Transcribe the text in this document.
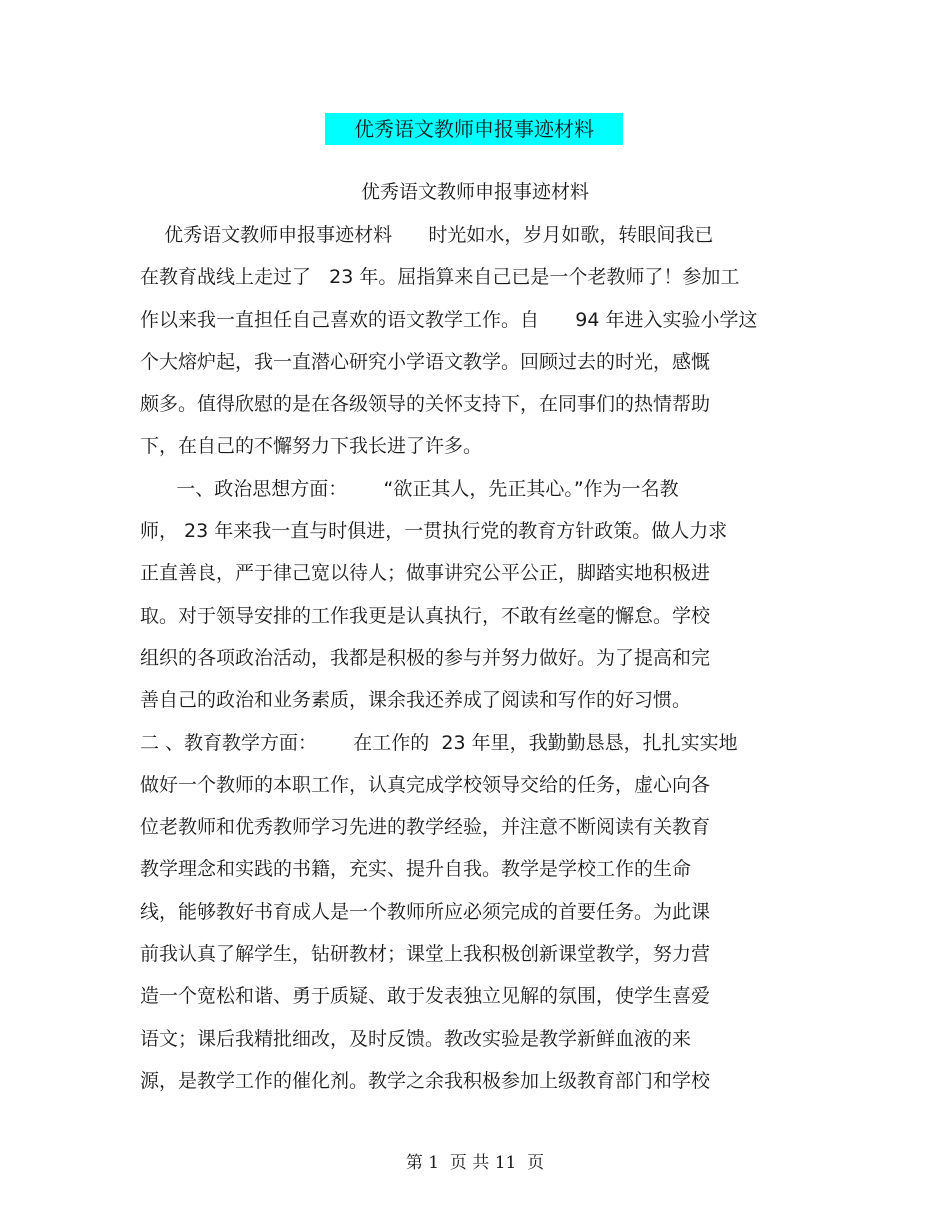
优秀语文教师申报事迹材料
优秀语文教师申报事迹材料
优秀语文教师申报事迹材料      时光如水，岁月如歌，转眼间我已
在教育战线上走过了   23 年。屈指算来自己已是一个老教师了！参加工
作以来我一直担任自己喜欢的语文教学工作。自      94 年进入实验小学这
个大熔炉起，我一直潜心研究小学语文教学。回顾过去的时光，感慨
颇多。值得欣慰的是在各级领导的关怀支持下，在同事们的热情帮助
下，在自己的不懈努力下我长进了许多。
一、政治思想方面：      “欲正其人，先正其心。”作为一名教
师， 23 年来我一直与时俱进，一贯执行党的教育方针政策。做人力求
正直善良，严于律己宽以待人；做事讲究公平公正，脚踏实地积极进
取。对于领导安排的工作我更是认真执行，不敢有丝毫的懈怠。学校
组织的各项政治活动，我都是积极的参与并努力做好。为了提高和完
善自己的政治和业务素质，课余我还养成了阅读和写作的好习惯。
二 、教育教学方面：      在工作的  23 年里，我勤勤恳恳，扎扎实实地
做好一个教师的本职工作，认真完成学校领导交给的任务，虚心向各
位老教师和优秀教师学习先进的教学经验，并注意不断阅读有关教育
教学理念和实践的书籍，充实、提升自我。教学是学校工作的生命
线，能够教好书育成人是一个教师所应必须完成的首要任务。为此课
前我认真了解学生，钻研教材；课堂上我积极创新课堂教学，努力营
造一个宽松和谐、勇于质疑、敢于发表独立见解的氛围，使学生喜爱
语文；课后我精批细改，及时反馈。教改实验是教学新鲜血液的来
源，是教学工作的催化剂。教学之余我积极参加上级教育部门和学校
第 1  页 共 11  页
